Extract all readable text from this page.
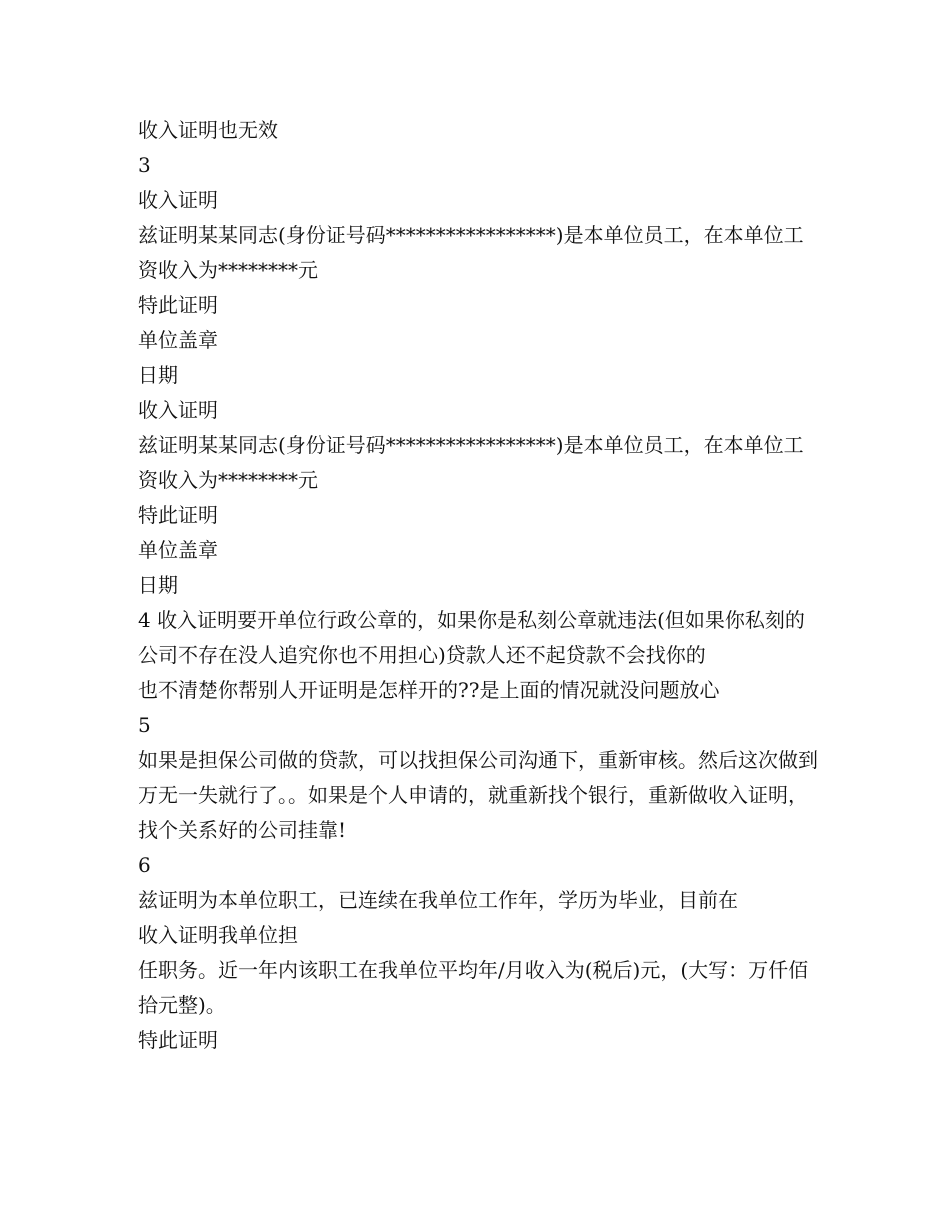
收入证明也无效
3
收入证明
兹证明某某同志(身份证号码*****************)是本单位员工，在本单位工资收入为********元
特此证明
单位盖章
日期
收入证明
兹证明某某同志(身份证号码*****************)是本单位员工，在本单位工资收入为********元
特此证明
单位盖章
日期
4 收入证明要开单位行政公章的，如果你是私刻公章就违法(但如果你私刻的公司不存在没人追究你也不用担心)贷款人还不起贷款不会找你的
也不清楚你帮别人开证明是怎样开的??是上面的情况就没问题放心
5
如果是担保公司做的贷款，可以找担保公司沟通下，重新审核。然后这次做到万无一失就行了。。如果是个人申请的，就重新找个银行，重新做收入证明，找个关系好的公司挂靠!
6
兹证明为本单位职工，已连续在我单位工作年，学历为毕业，目前在
收入证明我单位担
任职务。近一年内该职工在我单位平均年/月收入为(税后)元，(大写：万仟佰拾元整)。
特此证明
